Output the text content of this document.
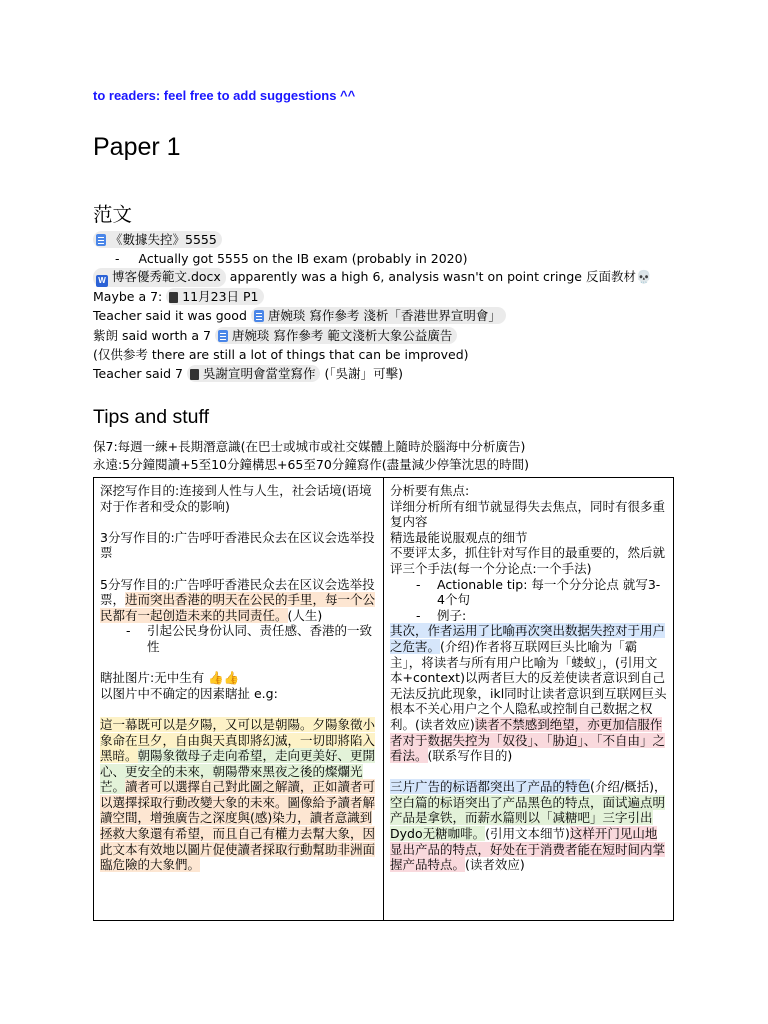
to readers: feel free to add suggestions ^^
Paper 1
范文
《數據失控》5555
- Actually got 5555 on the IB exam (probably in 2020)
W 博客優秀範文.docx apparently was a high 6, analysis wasn't on point cringe 反面教材💀
Maybe a 7: 11月23日 P1
Teacher said it was good 唐婉琰 寫作參考 淺析「香港世界宣明會」
紫朗 said worth a 7 唐婉琰 寫作參考 範文淺析大象公益廣告
(仅供参考 there are still a lot of things that can be improved)
Teacher said 7 吳謝宣明會當堂寫作 (「吳謝」可擊)
Tips and stuff
保7:每週一練+長期潛意識(在巴士或城市或社交媒體上隨時於腦海中分析廣告)
永遠:5分鐘閱讀+5至10分鐘構思+65至70分鐘寫作(盡量減少停筆沈思的時間)

深挖写作目的:连接到人性与人生，社会话境(语境对于作者和受众的影响)

3分写作目的:广告呼吁香港民众去在区议会选举投票

5分写作目的:广告呼吁香港民众去在区议会选举投票，进而突出香港的明天在公民的手里，每一个公民都有一起创造未来的共同责任。(人生)

- 引起公民身份认同、责任感、香港的一致性

瞎扯图片:无中生有 👍👍

以图片中不确定的因素瞎扯 e.g:

這一幕既可以是夕陽，又可以是朝陽。夕陽象徵小象命在旦夕，自由與天真即將幻滅，一切即將陷入黑暗。朝陽象徵母子走向希望，走向更美好、更開心、更安全的未來，朝陽帶來黑夜之後的燦爛光芒。讀者可以選擇自己對此圖之解讀，正如讀者可以選擇採取行動改變大象的未來。圖像給予讀者解讀空間，增強廣告之深度與(感)染力，讀者意識到拯救大象還有希望，而且自己有權力去幫大象，因此文本有效地以圖片促使讀者採取行動幫助非洲面臨危險的大象們。

分析要有焦点:

详细分析所有细节就显得失去焦点，同时有很多重复内容

精选最能说服观点的细节

不要评太多，抓住针对写作目的最重要的，然后就评三个手法(每一个分论点:一个手法)

- Actionable tip: 每一个分分论点 就写3-4个句
- 例子:

其次，作者运用了比喻再次突出数据失控对于用户之危害。(介绍)作者将互联网巨头比喻为「霸主」，将读者与所有用户比喻为「蝼蚁」，(引用文本+context)以两者巨大的反差使读者意识到自己无法反抗此现象，ikl同时让读者意识到互联网巨头根本不关心用户之个人隐私或控制自己数据之权利。(读者效应)读者不禁感到绝望，亦更加信服作者对于数据失控为「奴役」、「胁迫」、「不自由」之看法。(联系写作目的)

三片广告的标语都突出了产品的特色(介绍/概括)，空白篇的标语突出了产品黑色的特点，面试遍点明产品是拿铁，而薪水篇则以「减糖吧」三字引出Dydo无糖咖啡。(引用文本细节)这样开门见山地显出产品的特点，好处在于消费者能在短时间内掌握产品特点。(读者效应)
